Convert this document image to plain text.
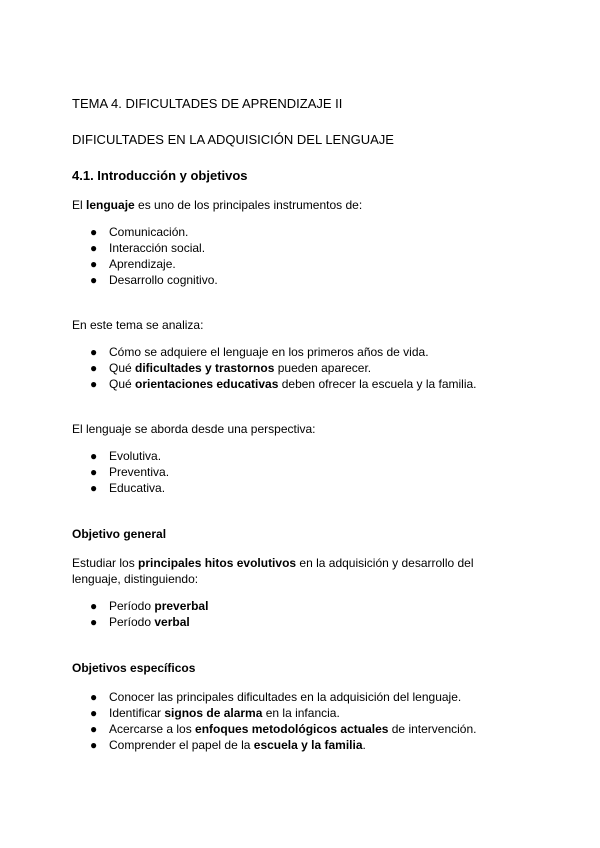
TEMA 4. DIFICULTADES DE APRENDIZAJE II
DIFICULTADES EN LA ADQUISICIÓN DEL LENGUAJE
4.1. Introducción y objetivos
El lenguaje es uno de los principales instrumentos de:
● Comunicación.
● Interacción social.
● Aprendizaje.
● Desarrollo cognitivo.
En este tema se analiza:
● Cómo se adquiere el lenguaje en los primeros años de vida.
● Qué dificultades y trastornos pueden aparecer.
● Qué orientaciones educativas deben ofrecer la escuela y la familia.
El lenguaje se aborda desde una perspectiva:
● Evolutiva.
● Preventiva.
● Educativa.
Objetivo general
Estudiar los principales hitos evolutivos en la adquisición y desarrollo del
lenguaje, distinguiendo:
● Período preverbal
● Período verbal
Objetivos específicos
● Conocer las principales dificultades en la adquisición del lenguaje.
● Identificar signos de alarma en la infancia.
● Acercarse a los enfoques metodológicos actuales de intervención.
● Comprender el papel de la escuela y la familia.
